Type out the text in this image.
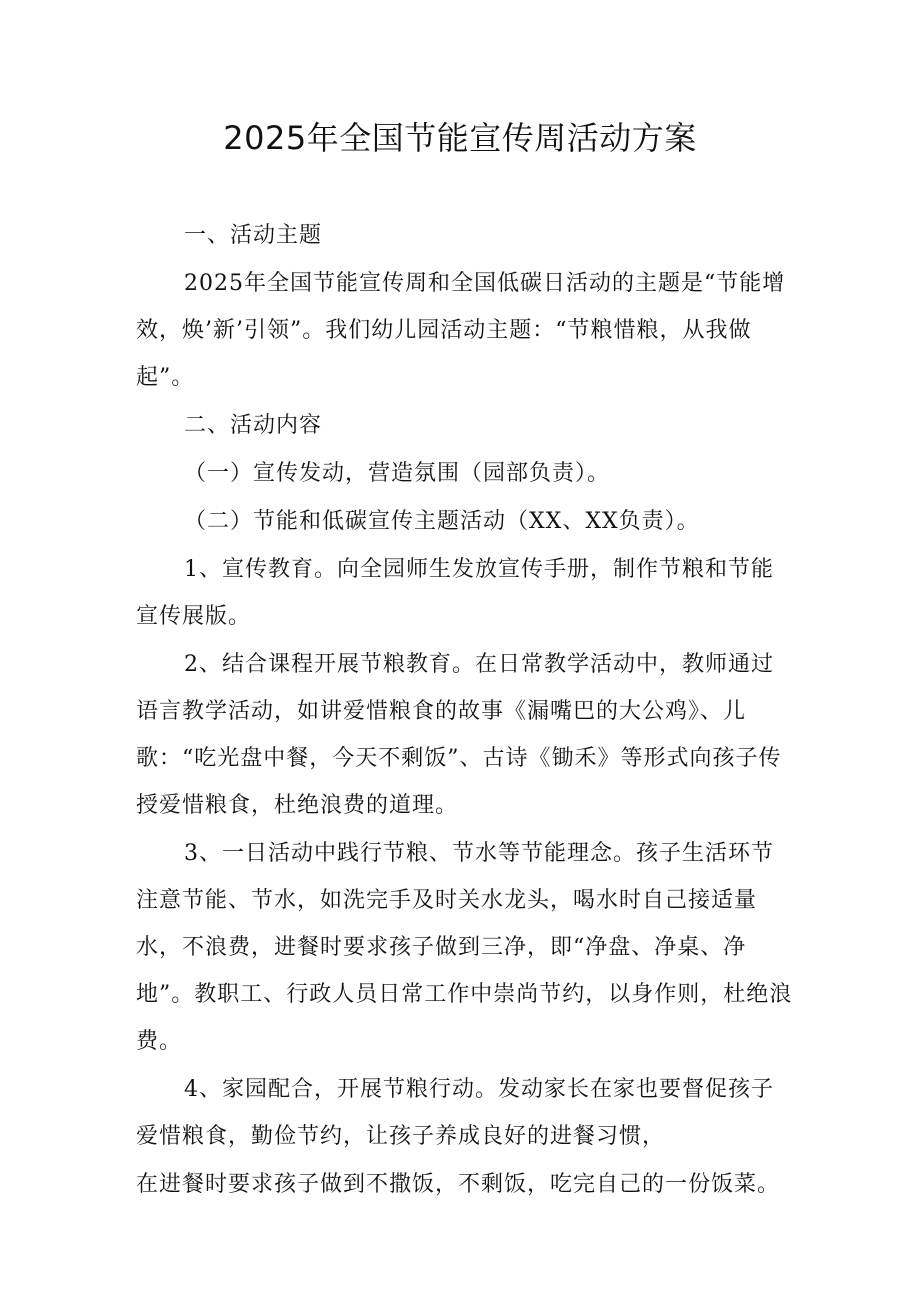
2025年全国节能宣传周活动方案

一、活动主题

2025年全国节能宣传周和全国低碳日活动的主题是“节能增效，焕’新’引领”。我们幼儿园活动主题：“节粮惜粮，从我做起”。

二、活动内容

（一）宣传发动，营造氛围（园部负责）。

（二）节能和低碳宣传主题活动（XX、XX负责）。

1、宣传教育。向全园师生发放宣传手册，制作节粮和节能宣传展版。

2、结合课程开展节粮教育。在日常教学活动中，教师通过语言教学活动，如讲爱惜粮食的故事《漏嘴巴的大公鸡》、儿歌：“吃光盘中餐，今天不剩饭”、古诗《锄禾》等形式向孩子传授爱惜粮食，杜绝浪费的道理。

3、一日活动中践行节粮、节水等节能理念。孩子生活环节注意节能、节水，如洗完手及时关水龙头，喝水时自己接适量水，不浪费，进餐时要求孩子做到三净，即“净盘、净桌、净地”。教职工、行政人员日常工作中崇尚节约，以身作则，杜绝浪费。

4、家园配合，开展节粮行动。发动家长在家也要督促孩子爱惜粮食，勤俭节约，让孩子养成良好的进餐习惯，

在进餐时要求孩子做到不撒饭，不剩饭，吃完自己的一份饭菜。
